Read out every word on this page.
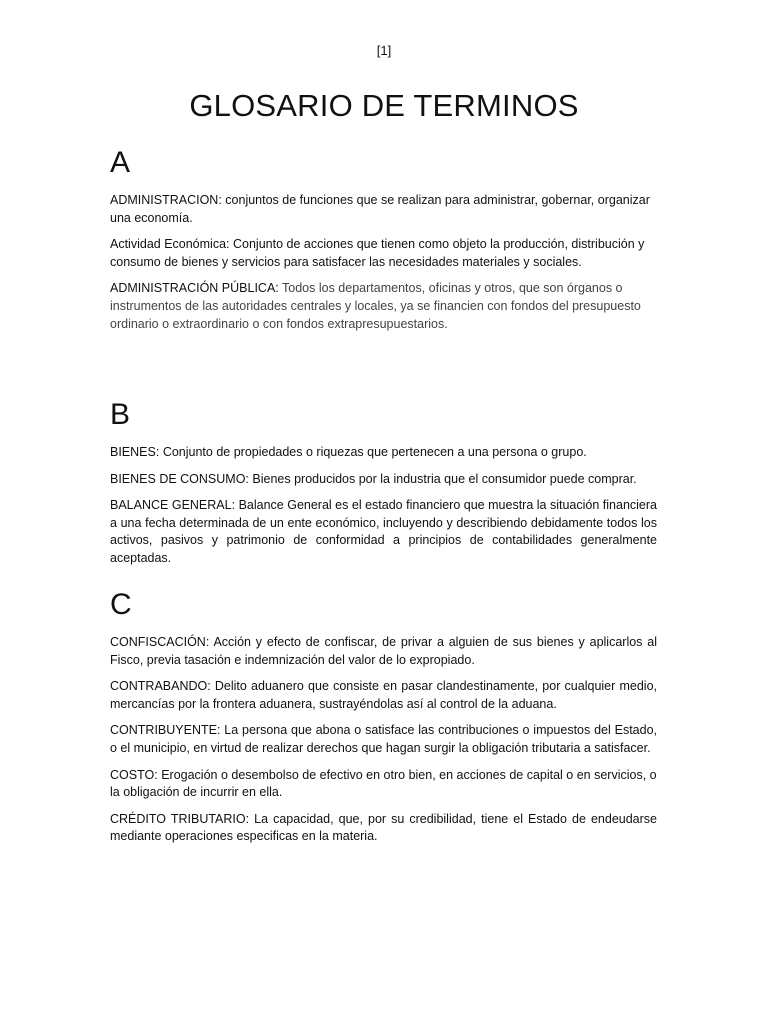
[1]
GLOSARIO DE TERMINOS
A

ADMINISTRACION: conjuntos de funciones que se realizan para administrar, gobernar, organizar una economía.

Actividad Económica: Conjunto de acciones que tienen como objeto la producción, distribución y consumo de bienes y servicios para satisfacer las necesidades materiales y sociales.

ADMINISTRACIÓN PÚBLICA: Todos los departamentos, oficinas y otros, que son órganos o instrumentos de las autoridades centrales y locales, ya se financien con fondos del presupuesto ordinario o extraordinario o con fondos extrapresupuestarios.

B

BIENES: Conjunto de propiedades o riquezas que pertenecen a una persona o grupo.

BIENES DE CONSUMO: Bienes producidos por la industria que el consumidor puede comprar.

BALANCE GENERAL: Balance General es el estado financiero que muestra la situación financiera a una fecha determinada de un ente económico, incluyendo y describiendo debidamente todos los activos, pasivos y patrimonio de conformidad a principios de contabilidades generalmente aceptadas.

C

CONFISCACIÓN: Acción y efecto de confiscar, de privar a alguien de sus bienes y aplicarlos al Fisco, previa tasación e indemnización del valor de lo expropiado.

CONTRABANDO: Delito aduanero que consiste en pasar clandestinamente, por cualquier medio, mercancías por la frontera aduanera, sustrayéndolas así al control de la aduana.

CONTRIBUYENTE: La persona que abona o satisface las contribuciones o impuestos del Estado, o el municipio, en virtud de realizar derechos que hagan surgir la obligación tributaria a satisfacer.

COSTO: Erogación o desembolso de efectivo en otro bien, en acciones de capital o en servicios, o la obligación de incurrir en ella.

CRÉDITO TRIBUTARIO: La capacidad, que, por su credibilidad, tiene el Estado de endeudarse mediante operaciones especificas en la materia.
